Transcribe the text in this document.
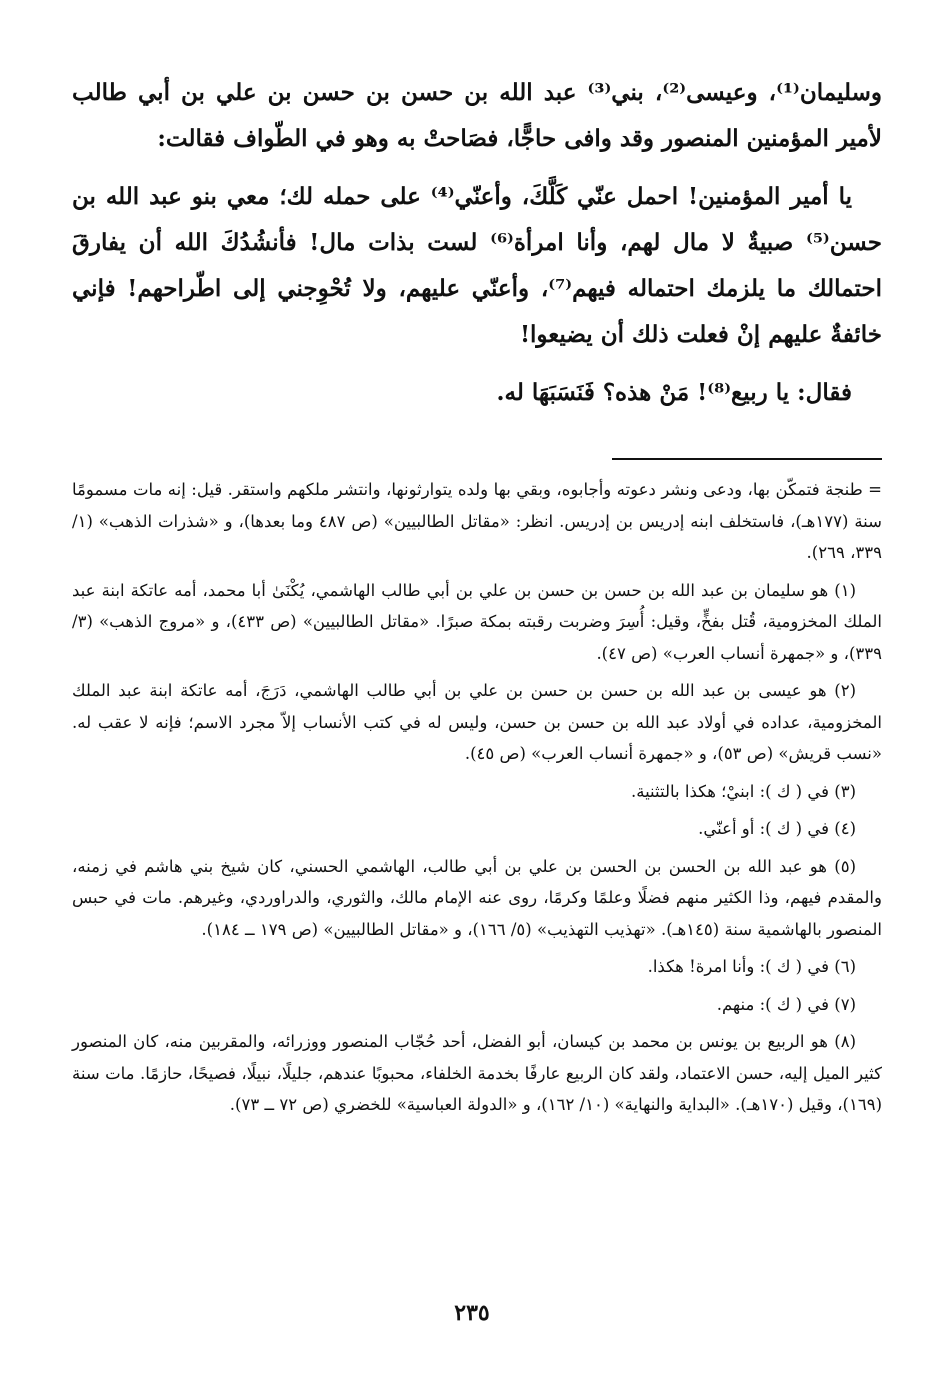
وسليمان⁽¹⁾، وعيسى⁽²⁾، بني⁽³⁾ عبد الله بن حسن بن حسن بن علي بن أبي طالب لأمير المؤمنين المنصور وقد وافى حاجًّا، فصَاحتْ به وهو في الطّواف فقالت:

يا أمير المؤمنين! احمل عنّي كَلَّكَ، وأعنّي⁽⁴⁾ على حمله لك؛ معي بنو عبد الله بن حسن⁽⁵⁾ صبيةٌ لا مال لهم، وأنا امرأة⁽⁶⁾ لست بذات مال! فأنشُدُكَ الله أن يفارقَ احتمالك ما يلزمك احتماله فيهم⁽⁷⁾، وأعنّي عليهم، ولا تُحْوِجني إلى اطّراحهم! فإني خائفةٌ عليهم إنْ فعلت ذلك أن يضيعوا!

فقال: يا ربيع⁽⁸⁾! مَنْ هذه؟ فَنَسَبَهَا له.

= طنجة فتمكّن بها، ودعى ونشر دعوته وأجابوه، وبقي بها ولده يتوارثونها، وانتشر ملكهم واستقر. قيل: إنه مات مسمومًا سنة (١٧٧هـ)، فاستخلف ابنه إدريس بن إدريس. انظر: «مقاتل الطالبيين» (ص ٤٨٧ وما بعدها)، و «شذرات الذهب» (١/ ٣٣٩، ٢٦٩).

(١) هو سليمان بن عبد الله بن حسن بن حسن بن علي بن أبي طالب الهاشمي، يُكْنَىٰ أبا محمد، أمه عاتكة ابنة عبد الملك المخزومية، قُتل بفخٍّ، وقيل: أُسِرَ وضربت رقبته بمكة صبرًا. «مقاتل الطالبيين» (ص ٤٣٣)، و «مروج الذهب» (٣/ ٣٣٩)، و «جمهرة أنساب العرب» (ص ٤٧).

(٢) هو عيسى بن عبد الله بن حسن بن حسن بن علي بن أبي طالب الهاشمي، دَرَجَ، أمه عاتكة ابنة عبد الملك المخزومية، عداده في أولاد عبد الله بن حسن بن حسن، وليس له في كتب الأنساب إلاّ مجرد الاسم؛ فإنه لا عقب له. «نسب قريش» (ص ٥٣)، و «جمهرة أنساب العرب» (ص ٤٥).

(٣) في ( ك ): ابنيْ؛ هكذا بالتثنية.

(٤) في ( ك ): أو أعنّي.

(٥) هو عبد الله بن الحسن بن الحسن بن علي بن أبي طالب، الهاشمي الحسني، كان شيخ بني هاشم في زمنه، والمقدم فيهم، وذا الكثير منهم فضلًا وعلمًا وكرمًا، روى عنه الإمام مالك، والثوري، والدراوردي، وغيرهم. مات في حبس المنصور بالهاشمية سنة (١٤٥هـ). «تهذيب التهذيب» (٥/ ١٦٦)، و «مقاتل الطالبيين» (ص ١٧٩ ــ ١٨٤).

(٦) في ( ك ): وأنا امرة! هكذا.

(٧) في ( ك ): منهم.

(٨) هو الربيع بن يونس بن محمد بن كيسان، أبو الفضل، أحد حُجّاب المنصور ووزرائه، والمقربين منه، كان المنصور كثير الميل إليه، حسن الاعتماد، ولقد كان الربيع عارفًا بخدمة الخلفاء، محبوبًا عندهم، جليلًا، نبيلًا، فصيحًا، حازمًا. مات سنة (١٦٩)، وقيل (١٧٠هـ). «البداية والنهاية» (١٠/ ١٦٢)، و «الدولة العباسية» للخضري (ص ٧٢ ــ ٧٣).

٢٣٥
